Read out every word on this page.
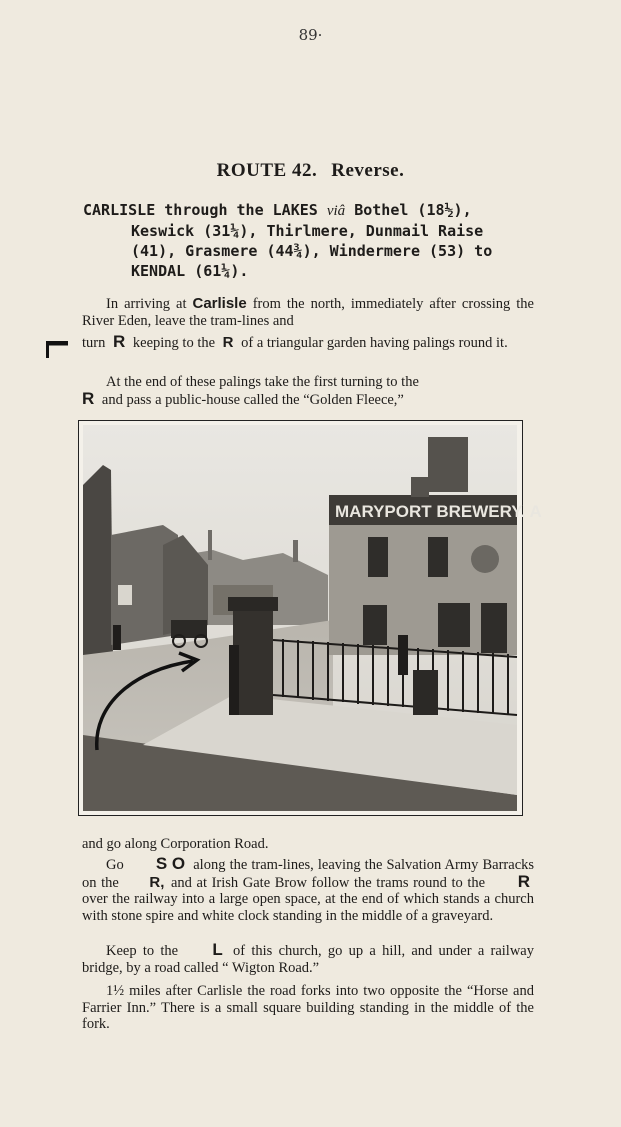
89·
ROUTE 42. Reverse.
CARLISLE through the LAKES viâ Bothel (18½),
Keswick (31¼), Thirlmere, Dunmail Raise
(41), Grasmere (44¾), Windermere (53) to
KENDAL (61¼).
In arriving at Carlisle from the north, immediately after crossing the River Eden, leave the tram-lines and
turn R keeping to the R of a triangular garden having palings round it.
At the end of these palings take the first turning to the
R and pass a public-house called the “Golden Fleece,”
MARYPORT BREWERY. A
and go along Corporation Road.
Go S O along the tram-lines, leaving the Salvation Army Barracks on the R, and at Irish Gate Brow follow the trams round to the R over the railway into a large open space, at the end of which stands a church with stone spire and white clock standing in the middle of a graveyard.
Keep to the L of this church, go up a hill, and under a railway bridge, by a road called “ Wigton Road.”
1½ miles after Carlisle the road forks into two opposite the “Horse and Farrier Inn.” There is a small square building standing in the middle of the fork.
